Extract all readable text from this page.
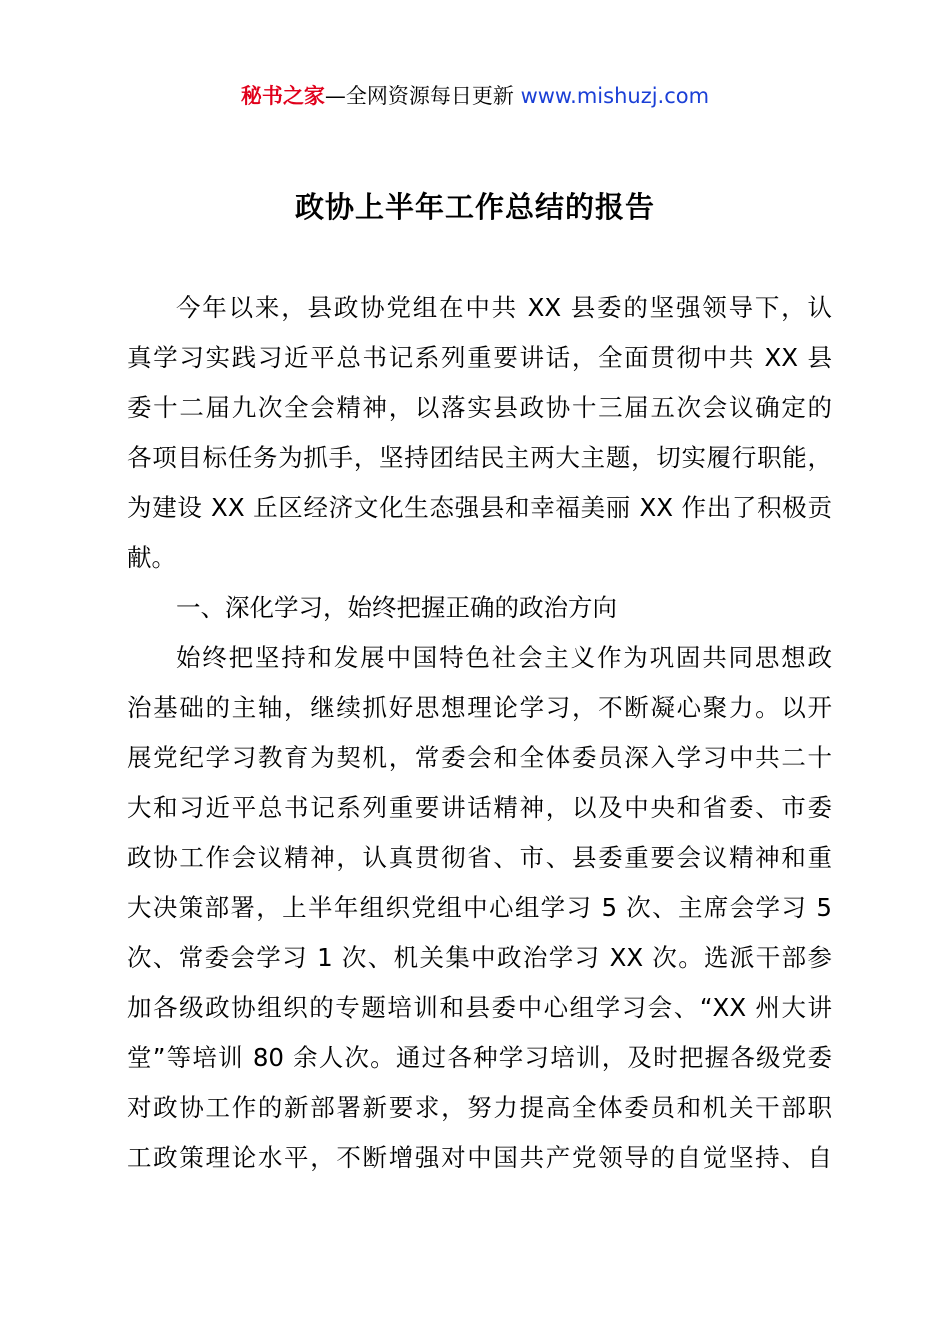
秘书之家—全网资源每日更新 www.mishuzj.com
政协上半年工作总结的报告
今年以来，县政协党组在中共 XX 县委的坚强领导下，认
真学习实践习近平总书记系列重要讲话，全面贯彻中共 XX 县
委十二届九次全会精神，以落实县政协十三届五次会议确定的
各项目标任务为抓手，坚持团结民主两大主题，切实履行职能，
为建设 XX 丘区经济文化生态强县和幸福美丽 XX 作出了积极贡
献。
一、深化学习，始终把握正确的政治方向
始终把坚持和发展中国特色社会主义作为巩固共同思想政
治基础的主轴，继续抓好思想理论学习，不断凝心聚力。以开
展党纪学习教育为契机，常委会和全体委员深入学习中共二十
大和习近平总书记系列重要讲话精神，以及中央和省委、市委
政协工作会议精神，认真贯彻省、市、县委重要会议精神和重
大决策部署，上半年组织党组中心组学习 5 次、主席会学习 5
次、常委会学习 1 次、机关集中政治学习 XX 次。选派干部参
加各级政协组织的专题培训和县委中心组学习会、“XX 州大讲
堂”等培训 80 余人次。通过各种学习培训，及时把握各级党委
对政协工作的新部署新要求，努力提高全体委员和机关干部职
工政策理论水平，不断增强对中国共产党领导的自觉坚持、自
